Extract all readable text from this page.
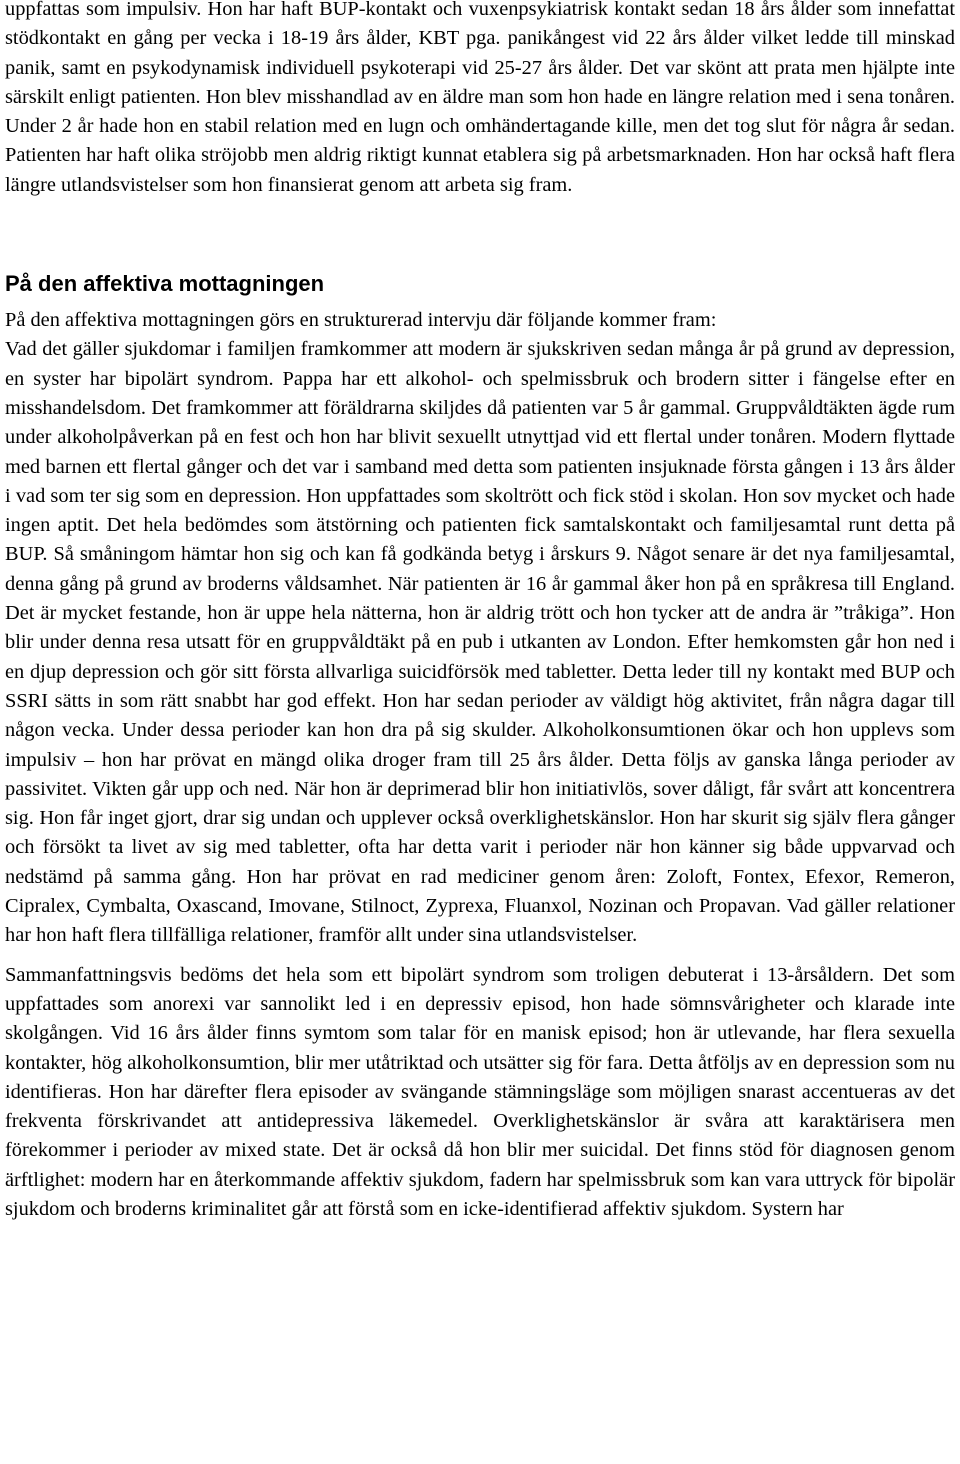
uppfattas som impulsiv. Hon har haft BUP-kontakt och vuxenpsykiatrisk kontakt sedan 18 års ålder som innefattat stödkontakt en gång per vecka i 18-19 års ålder, KBT pga. panikångest vid 22 års ålder vilket ledde till minskad panik, samt en psykodynamisk individuell psykoterapi vid 25-27 års ålder. Det var skönt att prata men hjälpte inte särskilt enligt patienten. Hon blev misshandlad av en äldre man som hon hade en längre relation med i sena tonåren. Under 2 år hade hon en stabil relation med en lugn och omhändertagande kille, men det tog slut för några år sedan. Patienten har haft olika ströjobb men aldrig riktigt kunnat etablera sig på arbetsmarknaden. Hon har också haft flera längre utlandsvistelser som hon finansierat genom att arbeta sig fram.

På den affektiva mottagningen

På den affektiva mottagningen görs en strukturerad intervju där följande kommer fram:

Vad det gäller sjukdomar i familjen framkommer att modern är sjukskriven sedan många år på grund av depression, en syster har bipolärt syndrom. Pappa har ett alkohol- och spelmissbruk och brodern sitter i fängelse efter en misshandelsdom. Det framkommer att föräldrarna skiljdes då patienten var 5 år gammal. Gruppvåldtäkten ägde rum under alkoholpåverkan på en fest och hon har blivit sexuellt utnyttjad vid ett flertal under tonåren. Modern flyttade med barnen ett flertal gånger och det var i samband med detta som patienten insjuknade första gången i 13 års ålder i vad som ter sig som en depression. Hon uppfattades som skoltrött och fick stöd i skolan. Hon sov mycket och hade ingen aptit. Det hela bedömdes som ätstörning och patienten fick samtalskontakt och familjesamtal runt detta på BUP. Så småningom hämtar hon sig och kan få godkända betyg i årskurs 9. Något senare är det nya familjesamtal, denna gång på grund av broderns våldsamhet. När patienten är 16 år gammal åker hon på en språkresa till England. Det är mycket festande, hon är uppe hela nätterna, hon är aldrig trött och hon tycker att de andra är ”tråkiga”. Hon blir under denna resa utsatt för en gruppvåldtäkt på en pub i utkanten av London. Efter hemkomsten går hon ned i en djup depression och gör sitt första allvarliga suicidförsök med tabletter. Detta leder till ny kontakt med BUP och SSRI sätts in som rätt snabbt har god effekt. Hon har sedan perioder av väldigt hög aktivitet, från några dagar till någon vecka. Under dessa perioder kan hon dra på sig skulder. Alkoholkonsumtionen ökar och hon upplevs som impulsiv – hon har prövat en mängd olika droger fram till 25 års ålder. Detta följs av ganska långa perioder av passivitet. Vikten går upp och ned. När hon är deprimerad blir hon initiativlös, sover dåligt, får svårt att koncentrera sig. Hon får inget gjort, drar sig undan och upplever också overklighetskänslor. Hon har skurit sig själv flera gånger och försökt ta livet av sig med tabletter, ofta har detta varit i perioder när hon känner sig både uppvarvad och nedstämd på samma gång. Hon har prövat en rad mediciner genom åren: Zoloft, Fontex, Efexor, Remeron, Cipralex, Cymbalta, Oxascand, Imovane, Stilnoct, Zyprexa, Fluanxol, Nozinan och Propavan. Vad gäller relationer har hon haft flera tillfälliga relationer, framför allt under sina utlandsvistelser.

Sammanfattningsvis bedöms det hela som ett bipolärt syndrom som troligen debuterat i 13-årsåldern. Det som uppfattades som anorexi var sannolikt led i en depressiv episod, hon hade sömnsvårigheter och klarade inte skolgången. Vid 16 års ålder finns symtom som talar för en manisk episod; hon är utlevande, har flera sexuella kontakter, hög alkoholkonsumtion, blir mer utåtriktad och utsätter sig för fara. Detta åtföljs av en depression som nu identifieras. Hon har därefter flera episoder av svängande stämningsläge som möjligen snarast accentueras av det frekventa förskrivandet att antidepressiva läkemedel. Overklighetskänslor är svåra att karaktärisera men förekommer i perioder av mixed state. Det är också då hon blir mer suicidal. Det finns stöd för diagnosen genom ärftlighet: modern har en återkommande affektiv sjukdom, fadern har spelmissbruk som kan vara uttryck för bipolär sjukdom och broderns kriminalitet går att förstå som en icke-identifierad affektiv sjukdom. Systern har
